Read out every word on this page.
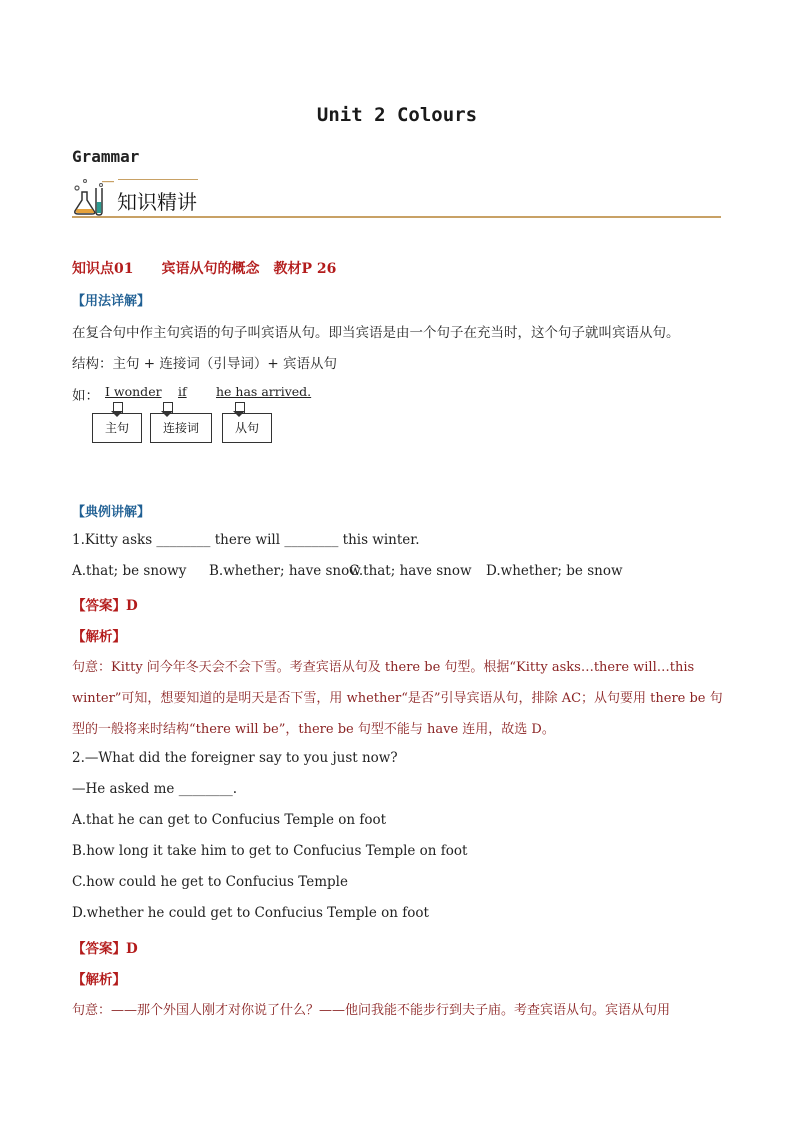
Unit 2 Colours
Grammar
知识精讲
知识点01　　宾语从句的概念　教材P 26
【用法详解】
在复合句中作主句宾语的句子叫宾语从句。即当宾语是由一个句子在充当时，这个句子就叫宾语从句。
结构：主句 + 连接词（引导词）+ 宾语从句
如： I wonder if he has arrived.
主句	连接词	从句
【典例讲解】
1.Kitty asks ________ there will ________ this winter.
A.that; be snowy B.whether; have snow
C.that; have snow D.whether; be snow
【答案】D
【解析】
句意：Kitty 问今年冬天会不会下雪。考查宾语从句及 there be 句型。根据“Kitty asks…there will…this
winter”可知，想要知道的是明天是否下雪，用 whether“是否”引导宾语从句，排除 AC；从句要用 there be 句
型的一般将来时结构“there will be”，there be 句型不能与 have 连用，故选 D。
2.—What did the foreigner say to you just now?
—He asked me ________.
A.that he can get to Confucius Temple on foot
B.how long it take him to get to Confucius Temple on foot
C.how could he get to Confucius Temple
D.whether he could get to Confucius Temple on foot
【答案】D
【解析】
句意：——那个外国人刚才对你说了什么？——他问我能不能步行到夫子庙。考查宾语从句。宾语从句用
